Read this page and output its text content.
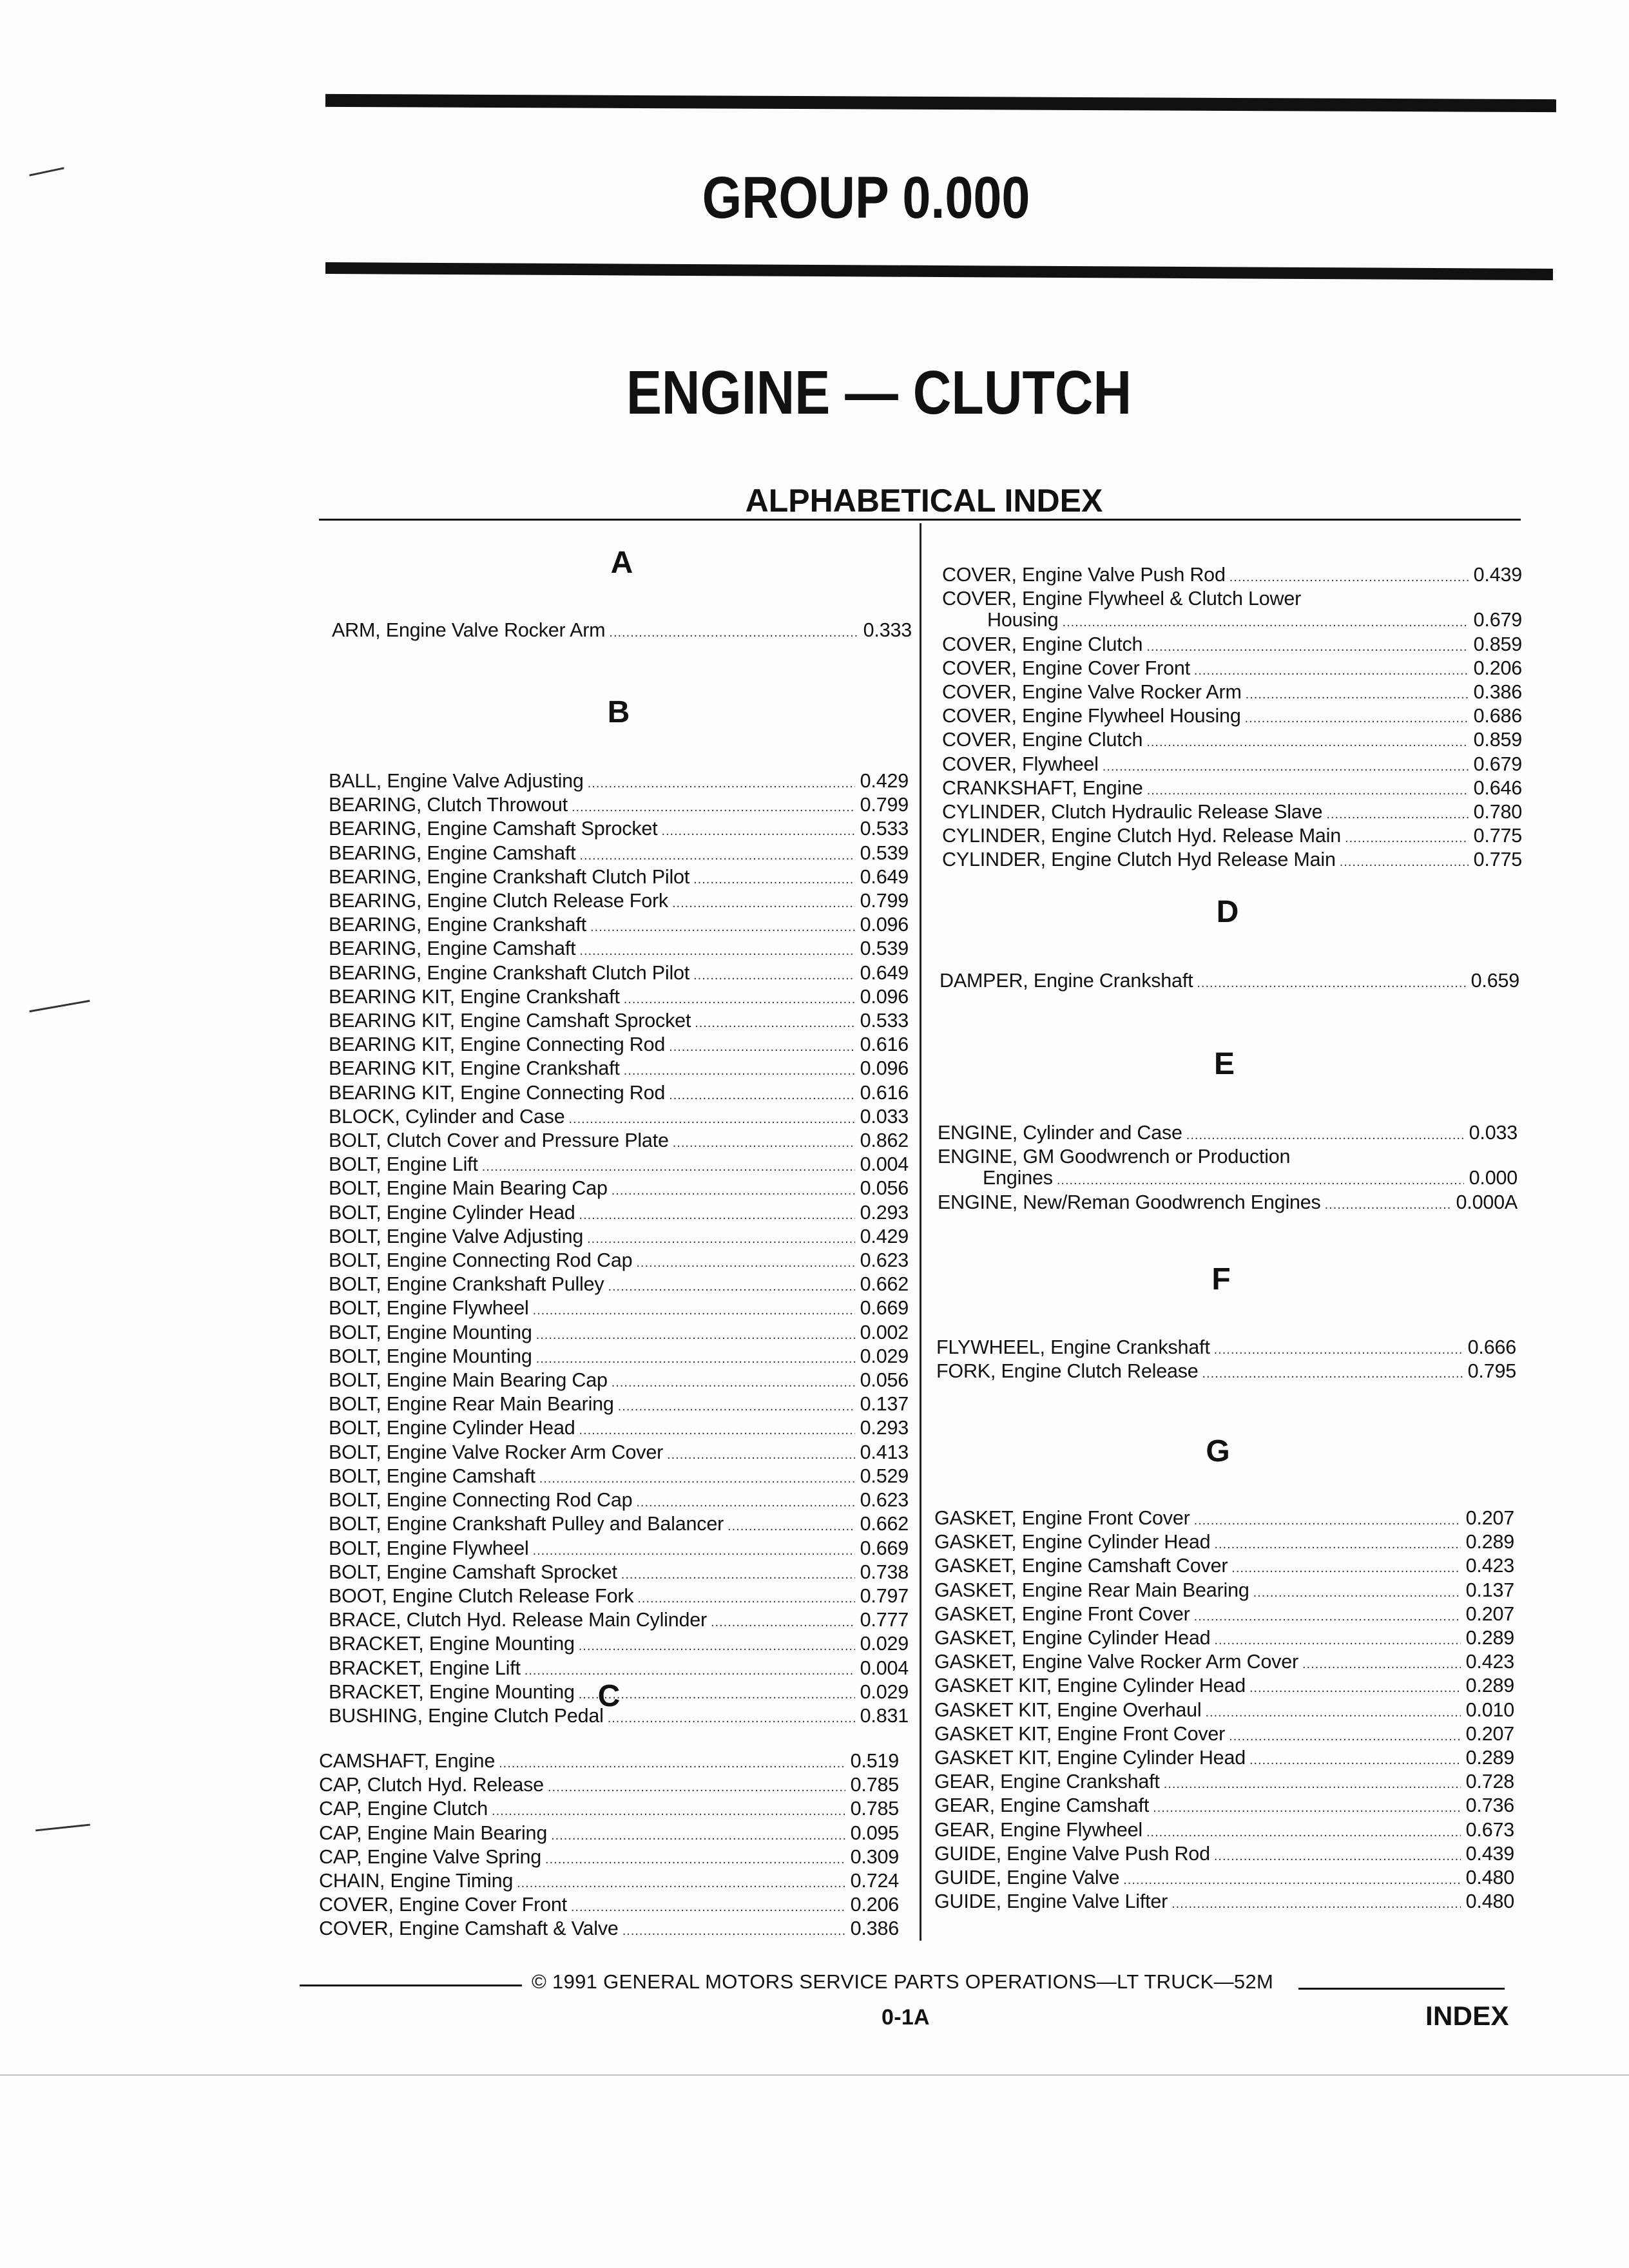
GROUP 0.000
ENGINE — CLUTCH
ALPHABETICAL INDEX
A
ARM, Engine Valve Rocker Arm .....	0.333
B
BALL, Engine Valve Adjusting .....	0.429
BEARING, Clutch Throwout .....	0.799
BEARING, Engine Camshaft Sprocket .....	0.533
BEARING, Engine Camshaft .....	0.539
BEARING, Engine Crankshaft Clutch Pilot .....	0.649
BEARING, Engine Clutch Release Fork .....	0.799
BEARING, Engine Crankshaft .....	0.096
BEARING, Engine Camshaft .....	0.539
BEARING, Engine Crankshaft Clutch Pilot .....	0.649
BEARING KIT, Engine Crankshaft .....	0.096
BEARING KIT, Engine Camshaft Sprocket .....	0.533
BEARING KIT, Engine Connecting Rod .....	0.616
BEARING KIT, Engine Crankshaft .....	0.096
BEARING KIT, Engine Connecting Rod .....	0.616
BLOCK, Cylinder and Case .....	0.033
BOLT, Clutch Cover and Pressure Plate .....	0.862
BOLT, Engine Lift .....	0.004
BOLT, Engine Main Bearing Cap .....	0.056
BOLT, Engine Cylinder Head .....	0.293
BOLT, Engine Valve Adjusting .....	0.429
BOLT, Engine Connecting Rod Cap .....	0.623
BOLT, Engine Crankshaft Pulley .....	0.662
BOLT, Engine Flywheel .....	0.669
BOLT, Engine Mounting .....	0.002
BOLT, Engine Mounting .....	0.029
BOLT, Engine Main Bearing Cap .....	0.056
BOLT, Engine Rear Main Bearing .....	0.137
BOLT, Engine Cylinder Head .....	0.293
BOLT, Engine Valve Rocker Arm Cover .....	0.413
BOLT, Engine Camshaft .....	0.529
BOLT, Engine Connecting Rod Cap .....	0.623
BOLT, Engine Crankshaft Pulley and Balancer .....	0.662
BOLT, Engine Flywheel .....	0.669
BOLT, Engine Camshaft Sprocket .....	0.738
BOOT, Engine Clutch Release Fork .....	0.797
BRACE, Clutch Hyd. Release Main Cylinder .....	0.777
BRACKET, Engine Mounting .....	0.029
BRACKET, Engine Lift .....	0.004
BRACKET, Engine Mounting .....	0.029
BUSHING, Engine Clutch Pedal .....	0.831
C
CAMSHAFT, Engine .....	0.519
CAP, Clutch Hyd. Release .....	0.785
CAP, Engine Clutch .....	0.785
CAP, Engine Main Bearing .....	0.095
CAP, Engine Valve Spring .....	0.309
CHAIN, Engine Timing .....	0.724
COVER, Engine Cover Front .....	0.206
COVER, Engine Camshaft & Valve .....	0.386
COVER, Engine Valve Push Rod .....	0.439
COVER, Engine Flywheel & Clutch Lower
Housing .....	0.679
COVER, Engine Clutch .....	0.859
COVER, Engine Cover Front .....	0.206
COVER, Engine Valve Rocker Arm .....	0.386
COVER, Engine Flywheel Housing .....	0.686
COVER, Engine Clutch .....	0.859
COVER, Flywheel .....	0.679
CRANKSHAFT, Engine .....	0.646
CYLINDER, Clutch Hydraulic Release Slave .....	0.780
CYLINDER, Engine Clutch Hyd. Release Main .....	0.775
CYLINDER, Engine Clutch Hyd Release Main .....	0.775
D
DAMPER, Engine Crankshaft .....	0.659
E
ENGINE, Cylinder and Case .....	0.033
ENGINE, GM Goodwrench or Production
Engines .....	0.000
ENGINE, New/Reman Goodwrench Engines .....	0.000A
F
FLYWHEEL, Engine Crankshaft .....	0.666
FORK, Engine Clutch Release .....	0.795
G
GASKET, Engine Front Cover .....	0.207
GASKET, Engine Cylinder Head .....	0.289
GASKET, Engine Camshaft Cover .....	0.423
GASKET, Engine Rear Main Bearing .....	0.137
GASKET, Engine Front Cover .....	0.207
GASKET, Engine Cylinder Head .....	0.289
GASKET, Engine Valve Rocker Arm Cover .....	0.423
GASKET KIT, Engine Cylinder Head .....	0.289
GASKET KIT, Engine Overhaul .....	0.010
GASKET KIT, Engine Front Cover .....	0.207
GASKET KIT, Engine Cylinder Head .....	0.289
GEAR, Engine Crankshaft .....	0.728
GEAR, Engine Camshaft .....	0.736
GEAR, Engine Flywheel .....	0.673
GUIDE, Engine Valve Push Rod .....	0.439
GUIDE, Engine Valve .....	0.480
GUIDE, Engine Valve Lifter .....	0.480
© 1991 GENERAL MOTORS SERVICE PARTS OPERATIONS—LT TRUCK—52M
0-1A	INDEX
